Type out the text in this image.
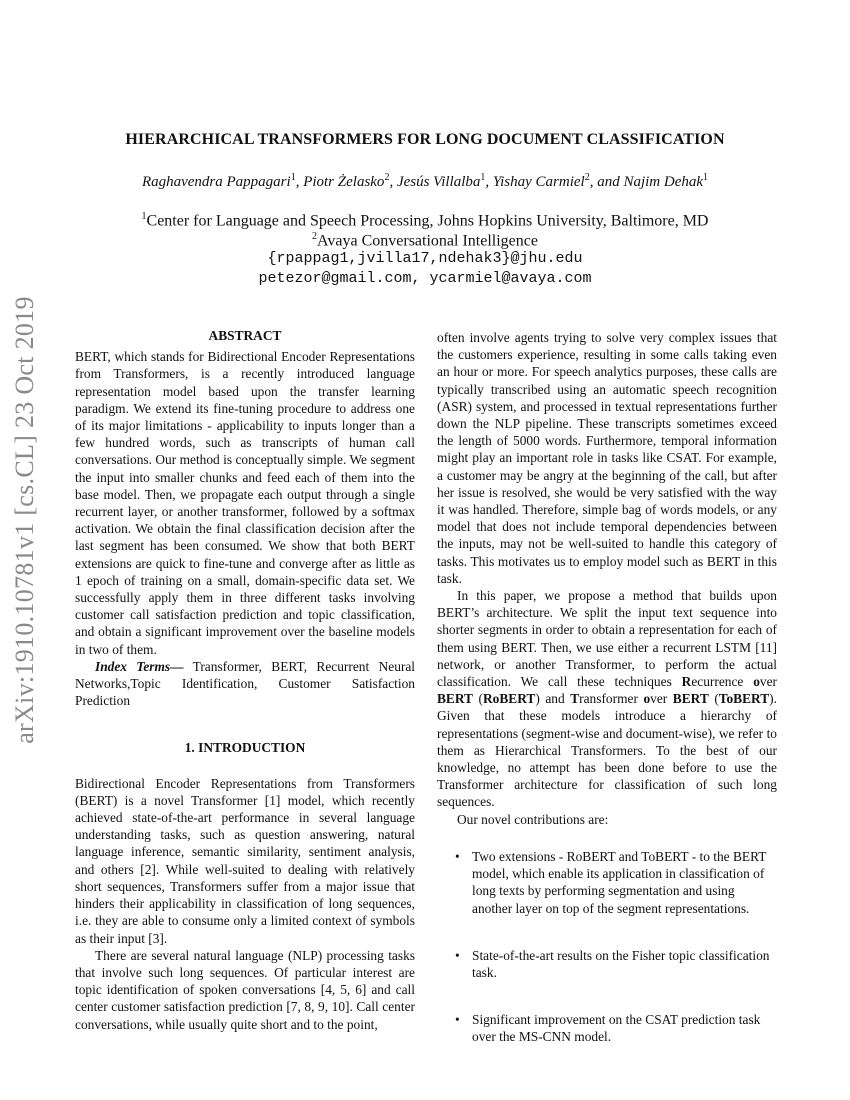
arXiv:1910.10781v1 [cs.CL] 23 Oct 2019
HIERARCHICAL TRANSFORMERS FOR LONG DOCUMENT CLASSIFICATION
Raghavendra Pappagari$^1$, Piotr Żelasko$^2$, Jesús Villalba$^1$, Yishay Carmiel$^2$, and Najim Dehak$^1$
$^1$Center for Language and Speech Processing, Johns Hopkins University, Baltimore, MD
$^2$Avaya Conversational Intelligence
{rpappag1,jvilla17,ndehak3}@jhu.edu
petezor@gmail.com, ycarmiel@avaya.com
ABSTRACT

BERT, which stands for Bidirectional Encoder Representations from Transformers, is a recently introduced language representation model based upon the transfer learning paradigm. We extend its fine-tuning procedure to address one of its major limitations - applicability to inputs longer than a few hundred words, such as transcripts of human call conversations. Our method is conceptually simple. We segment the input into smaller chunks and feed each of them into the base model. Then, we propagate each output through a single recurrent layer, or another transformer, followed by a softmax activation. We obtain the final classification decision after the last segment has been consumed. We show that both BERT extensions are quick to fine-tune and converge after as little as 1 epoch of training on a small, domain-specific data set. We successfully apply them in three different tasks involving customer call satisfaction prediction and topic classification, and obtain a significant improvement over the baseline models in two of them.

Index Terms— Transformer, BERT, Recurrent Neural Networks,Topic Identification, Customer Satisfaction Prediction

1. INTRODUCTION

Bidirectional Encoder Representations from Transformers (BERT) is a novel Transformer [1] model, which recently achieved state-of-the-art performance in several language understanding tasks, such as question answering, natural language inference, semantic similarity, sentiment analysis, and others [2]. While well-suited to dealing with relatively short sequences, Transformers suffer from a major issue that hinders their applicability in classification of long sequences, i.e. they are able to consume only a limited context of symbols as their input [3].

There are several natural language (NLP) processing tasks that involve such long sequences. Of particular interest are topic identification of spoken conversations [4, 5, 6] and call center customer satisfaction prediction [7, 8, 9, 10]. Call center conversations, while usually quite short and to the point,

often involve agents trying to solve very complex issues that the customers experience, resulting in some calls taking even an hour or more. For speech analytics purposes, these calls are typically transcribed using an automatic speech recognition (ASR) system, and processed in textual representations further down the NLP pipeline. These transcripts sometimes exceed the length of 5000 words. Furthermore, temporal information might play an important role in tasks like CSAT. For example, a customer may be angry at the beginning of the call, but after her issue is resolved, she would be very satisfied with the way it was handled. Therefore, simple bag of words models, or any model that does not include temporal dependencies between the inputs, may not be well-suited to handle this category of tasks. This motivates us to employ model such as BERT in this task.

In this paper, we propose a method that builds upon BERT’s architecture. We split the input text sequence into shorter segments in order to obtain a representation for each of them using BERT. Then, we use either a recurrent LSTM [11] network, or another Transformer, to perform the actual classification. We call these techniques Recurrence over BERT (RoBERT) and Transformer over BERT (ToBERT). Given that these models introduce a hierarchy of representations (segment-wise and document-wise), we refer to them as Hierarchical Transformers. To the best of our knowledge, no attempt has been done before to use the Transformer architecture for classification of such long sequences.

Our novel contributions are:

• Two extensions - RoBERT and ToBERT - to the BERT model, which enable its application in classification of long texts by performing segmentation and using another layer on top of the segment representations.
• State-of-the-art results on the Fisher topic classification task.
• Significant improvement on the CSAT prediction task over the MS-CNN model.
